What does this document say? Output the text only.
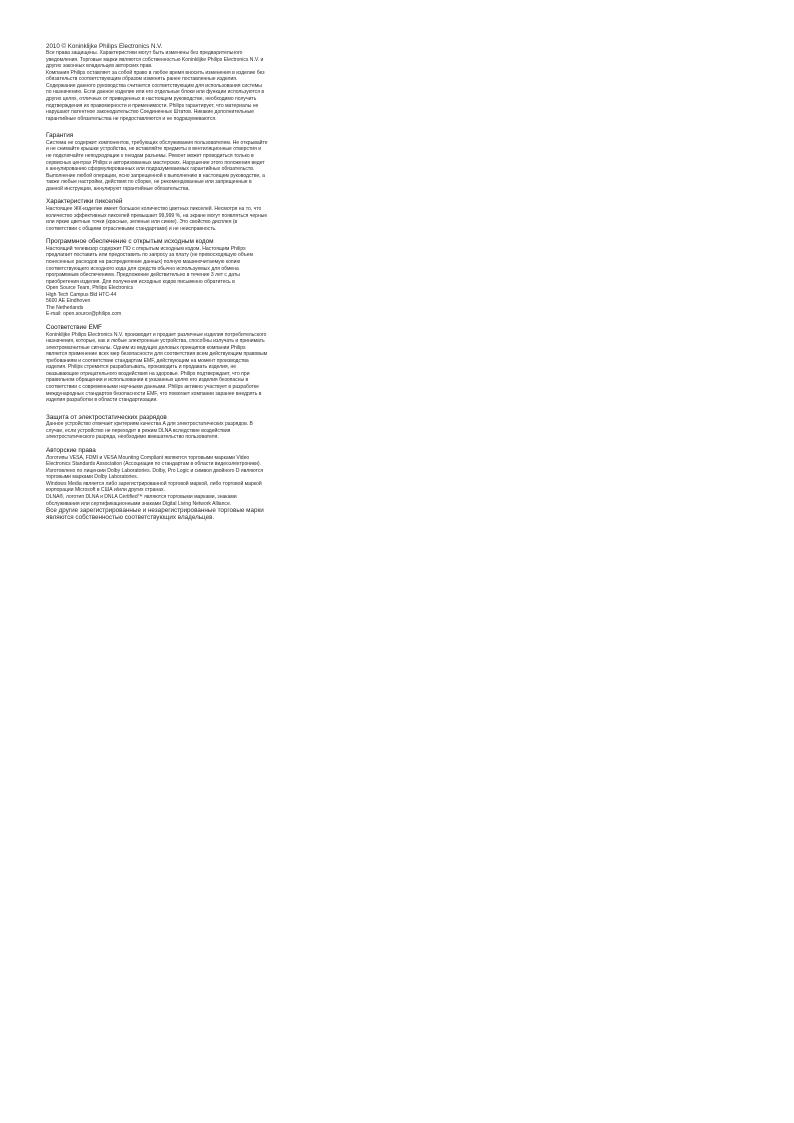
2010 © Koninklijke Philips Electronics N.V.

Все права защищены. Характеристики могут быть изменены без предварительного уведомления. Торговые марки являются собственностью Koninklijke Philips Electronics N.V. и других законных владельцев авторских прав.

Компания Philips оставляет за собой право в любое время вносить изменения в изделие без обязательств соответствующим образом изменять ранее поставленные изделия. Содержание данного руководства считается соответствующим для использования системы по назначению. Если данное изделие или его отдельные блоки или функции используются в других целях, отличных от приведенных в настоящем руководстве, необходимо получить подтверждения их правомерности и применимости. Philips гарантирует, что материалы не нарушают патентное законодательство Соединенных Штатов. Никакие дополнительные гарантийные обязательства не предоставляются и не подразумеваются.

Гарантия

Система не содержит компонентов, требующих обслуживания пользователем. Не открывайте и не снимайте крышки устройства, не вставляйте предметы в вентиляционные отверстия и не подключайте неподходящие к гнездам разъемы. Ремонт может проводиться только в сервисных центрах Philips и авторизованных мастерских. Нарушение этого положения ведет к аннулированию сформулированных или подразумеваемых гарантийных обязательств. Выполнение любой операции, ясно запрещенной к выполнению в настоящем руководстве, а также любые настройки, действия по сборке, не рекомендованные или запрещенные в данной инструкции, аннулируют гарантийные обязательства.

Характеристики пикселей

Настоящее ЖК-изделие имеет большое количество цветных пикселей. Несмотря на то, что количество эффективных пикселей превышает 99,999 %, на экране могут появляться черные или яркие цветные точки (красные, зеленые или синие). Это свойство дисплея (в соответствии с общими отраслевыми стандартами) и не неисправность.

Программное обеспечение с открытым исходным кодом

Настоящий телевизор содержит ПО с открытым исходным кодом. Настоящим Philips предлагает поставить или предоставить по запросу за плату (не превосходящую объем понесенных расходов на распределение данных) полную машиночитаемую копию соответствующего исходного кода для средств обычно используемых для обмена программным обеспечением. Предложение действительно в течение 3 лет с даты приобретения изделия. Для получения исходных кодов письменно обратитесь в

Open Source Team, Philips Electronics

High Tech Campus Bld HTC-44

5600 AE Eindhoven

The Netherlands

E-mail: open.source@philips.com

Соответствие EMF

Koninklijke Philips Electronics N.V. производит и продает различные изделия потребительского назначения, которые, как и любые электронные устройства, способны излучать и принимать электромагнитные сигналы. Одним из ведущих деловых принципов компании Philips является применение всех мер безопасности для соответствия всем действующим правовым требованиям и соответствие стандартам EMF, действующим на момент производства изделия. Philips стремится разрабатывать, производить и продавать изделия, не оказывающие отрицательного воздействия на здоровье. Philips подтверждает, что при правильном обращении и использовании в указанных целях его изделия безопасны в соответствии с современными научными данными. Philips активно участвует в разработке международных стандартов безопасности EMF, что помогает компании заранее внедрять в изделия разработки в области стандартизации.

Защита от электростатических разрядов

Данное устройство отвечает критериям качества A для электростатических разрядов. В случае, если устройство не переходит в режим DLNA вследствие воздействия электростатического разряда, необходимо вмешательство пользователя.

Авторские права

Логотипы VESA, FDMI и VESA Mounting Compliant являются торговыми марками Video Electronics Standards Association (Ассоциация по стандартам в области видеоэлектроники).

Изготовлено по лицензии Dolby Laboratories. Dolby, Pro Logic и символ двойного D являются торговыми марками Dolby Laboratories.

Windows Media является либо зарегистрированной торговой маркой, либо торговой маркой корпорации Microsoft в США и/или других странах.

DLNA®, логотип DLNA и DNLA Certified™ являются торговыми марками, знаками обслуживания или сертификационными знаками Digital Living Network Alliance.

Все другие зарегистрированные и незарегистрированные торговые марки являются собственностью соответствующих владельцев.
